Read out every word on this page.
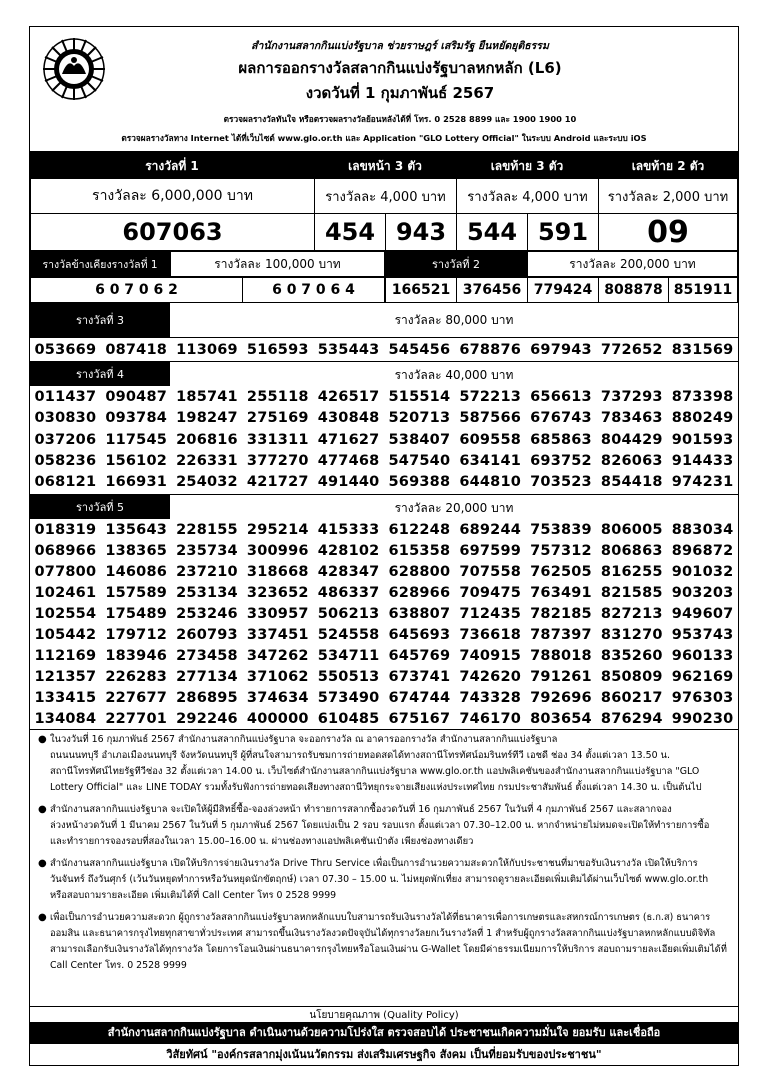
สำนักงานสลากกินแบ่งรัฐบาล ช่วยราษฎร์ เสริมรัฐ ยืนหยัดยุติธรรม
ผลการออกรางวัลสลากกินแบ่งรัฐบาลหกหลัก (L6)
งวดวันที่ 1 กุมภาพันธ์ 2567
ตรวจผลรางวัลทันใจ หรือตรวจผลรางวัลย้อนหลังได้ที่ โทร. 0 2528 8899 และ 1900 1900 10
ตรวจผลรางวัลทาง Internet ได้ที่เว็บไซต์ www.glo.or.th และ Application "GLO Lottery Official" ในระบบ Android และระบบ iOS
รางวัลที่ 1	เลขหน้า 3 ตัว	เลขท้าย 3 ตัว	เลขท้าย 2 ตัว
รางวัลละ 6,000,000 บาท	รางวัลละ 4,000 บาท	รางวัลละ 4,000 บาท	รางวัลละ 2,000 บาท
607063	454 943 544 591	09
รางวัลข้างเคียงรางวัลที่ 1	รางวัลละ 100,000 บาท	รางวัลที่ 2	รางวัลละ 200,000 บาท
6 0 7 0 6 2	6 0 7 0 6 4	166521 376456 779424 808878 851911
รางวัลที่ 3	รางวัลละ 80,000 บาท
053669 087418 113069 516593 535443 545456 678876 697943 772652 831569
รางวัลที่ 4	รางวัลละ 40,000 บาท
011437 090487 185741 255118 426517 515514 572213 656613 737293 873398
030830 093784 198247 275169 430848 520713 587566 676743 783463 880249
037206 117545 206816 331311 471627 538407 609558 685863 804429 901593
058236 156102 226331 377270 477468 547540 634141 693752 826063 914433
068121 166931 254032 421727 491440 569388 644810 703523 854418 974231
รางวัลที่ 5	รางวัลละ 20,000 บาท
018319 135643 228155 295214 415333 612248 689244 753839 806005 883034
068966 138365 235734 300996 428102 615358 697599 757312 806863 896872
077800 146086 237210 318668 428347 628800 707558 762505 816255 901032
102461 157589 253134 323652 486337 628966 709475 763491 821585 903203
102554 175489 253246 330957 506213 638807 712435 782185 827213 949607
105442 179712 260793 337451 524558 645693 736618 787397 831270 953743
112169 183946 273458 347262 534711 645769 740915 788018 835260 960133
121357 226283 277134 371062 550513 673741 742620 791261 850809 962169
133415 227677 286895 374634 573490 674744 743328 792696 860217 976303
134084 227701 292246 400000 610485 675167 746170 803654 876294 990230
● ในวงวันที่ 16 กุมภาพันธ์ 2567 สำนักงานสลากกินแบ่งรัฐบาล จะออกรางวัล ณ อาคารออกรางวัล สำนักงานสลากกินแบ่งรัฐบาล
ถนนนนทบุรี อำเภอเมืองนนทบุรี จังหวัดนนทบุรี ผู้ที่สนใจสามารถรับชมการถ่ายทอดสดได้ทางสถานีโทรทัศน์อมรินทร์ทีวี เอชดี ช่อง 34 ตั้งแต่เวลา 13.50 น.
สถานีโทรทัศน์ไทยรัฐทีวีช่อง 32 ตั้งแต่เวลา 14.00 น. เว็บไซต์สำนักงานสลากกินแบ่งรัฐบาล www.glo.or.th แอปพลิเคชันของสำนักงานสลากกินแบ่งรัฐบาล "GLO
Lottery Official" และ LINE TODAY รวมทั้งรับฟังการถ่ายทอดเสียงทางสถานีวิทยุกระจายเสียงแห่งประเทศไทย กรมประชาสัมพันธ์ ตั้งแต่เวลา 14.30 น. เป็นต้นไป
● สำนักงานสลากกินแบ่งรัฐบาล จะเปิดให้ผู้มีสิทธิ์ซื้อ-จองล่วงหน้า ทำรายการสลากซื้องวดวันที่ 16 กุมภาพันธ์ 2567 ในวันที่ 4 กุมภาพันธ์ 2567 และสลากจอง
ล่วงหน้างวดวันที่ 1 มีนาคม 2567 ในวันที่ 5 กุมภาพันธ์ 2567 โดยแบ่งเป็น 2 รอบ รอบแรก ตั้งแต่เวลา 07.30–12.00 น. หากจำหน่ายไม่หมดจะเปิดให้ทำรายการซื้อ
และทำรายการจองรอบที่สองในเวลา 15.00–16.00 น. ผ่านช่องทางแอปพลิเคชันเป๋าตัง เพียงช่องทางเดียว
● สำนักงานสลากกินแบ่งรัฐบาล เปิดให้บริการจ่ายเงินรางวัล Drive Thru Service เพื่อเป็นการอำนวยความสะดวกให้กับประชาชนที่มาขอรับเงินรางวัล เปิดให้บริการ
วันจันทร์ ถึงวันศุกร์ (เว้นวันหยุดทำการหรือวันหยุดนักขัตฤกษ์) เวลา 07.30 – 15.00 น. ไม่หยุดพักเที่ยง สามารถดูรายละเอียดเพิ่มเติมได้ผ่านเว็บไซต์ www.glo.or.th
หรือสอบถามรายละเอียด เพิ่มเติมได้ที่ Call Center โทร 0 2528 9999
● เพื่อเป็นการอำนวยความสะดวก ผู้ถูกรางวัลสลากกินแบ่งรัฐบาลหกหลักแบบใบสามารถรับเงินรางวัลได้ที่ธนาคารเพื่อการเกษตรและสหกรณ์การเกษตร (ธ.ก.ส) ธนาคาร
ออมสิน และธนาคารกรุงไทยทุกสาขาทั่วประเทศ สามารถขึ้นเงินรางวัลงวดปัจจุบันได้ทุกรางวัลยกเว้นรางวัลที่ 1 สำหรับผู้ถูกรางวัลสลากกินแบ่งรัฐบาลหกหลักแบบดิจิทัล
สามารถเลือกรับเงินรางวัลได้ทุกรางวัล โดยการโอนเงินผ่านธนาคารกรุงไทยหรือโอนเงินผ่าน G-Wallet โดยมีค่าธรรมเนียมการให้บริการ สอบถามรายละเอียดเพิ่มเติมได้ที่
Call Center โทร. 0 2528 9999
นโยบายคุณภาพ (Quality Policy)
สำนักงานสลากกินแบ่งรัฐบาล ดำเนินงานด้วยความโปร่งใส ตรวจสอบได้ ประชาชนเกิดความมั่นใจ ยอมรับ และเชื่อถือ
วิสัยทัศน์ "องค์กรสลากมุ่งเน้นนวัตกรรม ส่งเสริมเศรษฐกิจ สังคม เป็นที่ยอมรับของประชาชน"
